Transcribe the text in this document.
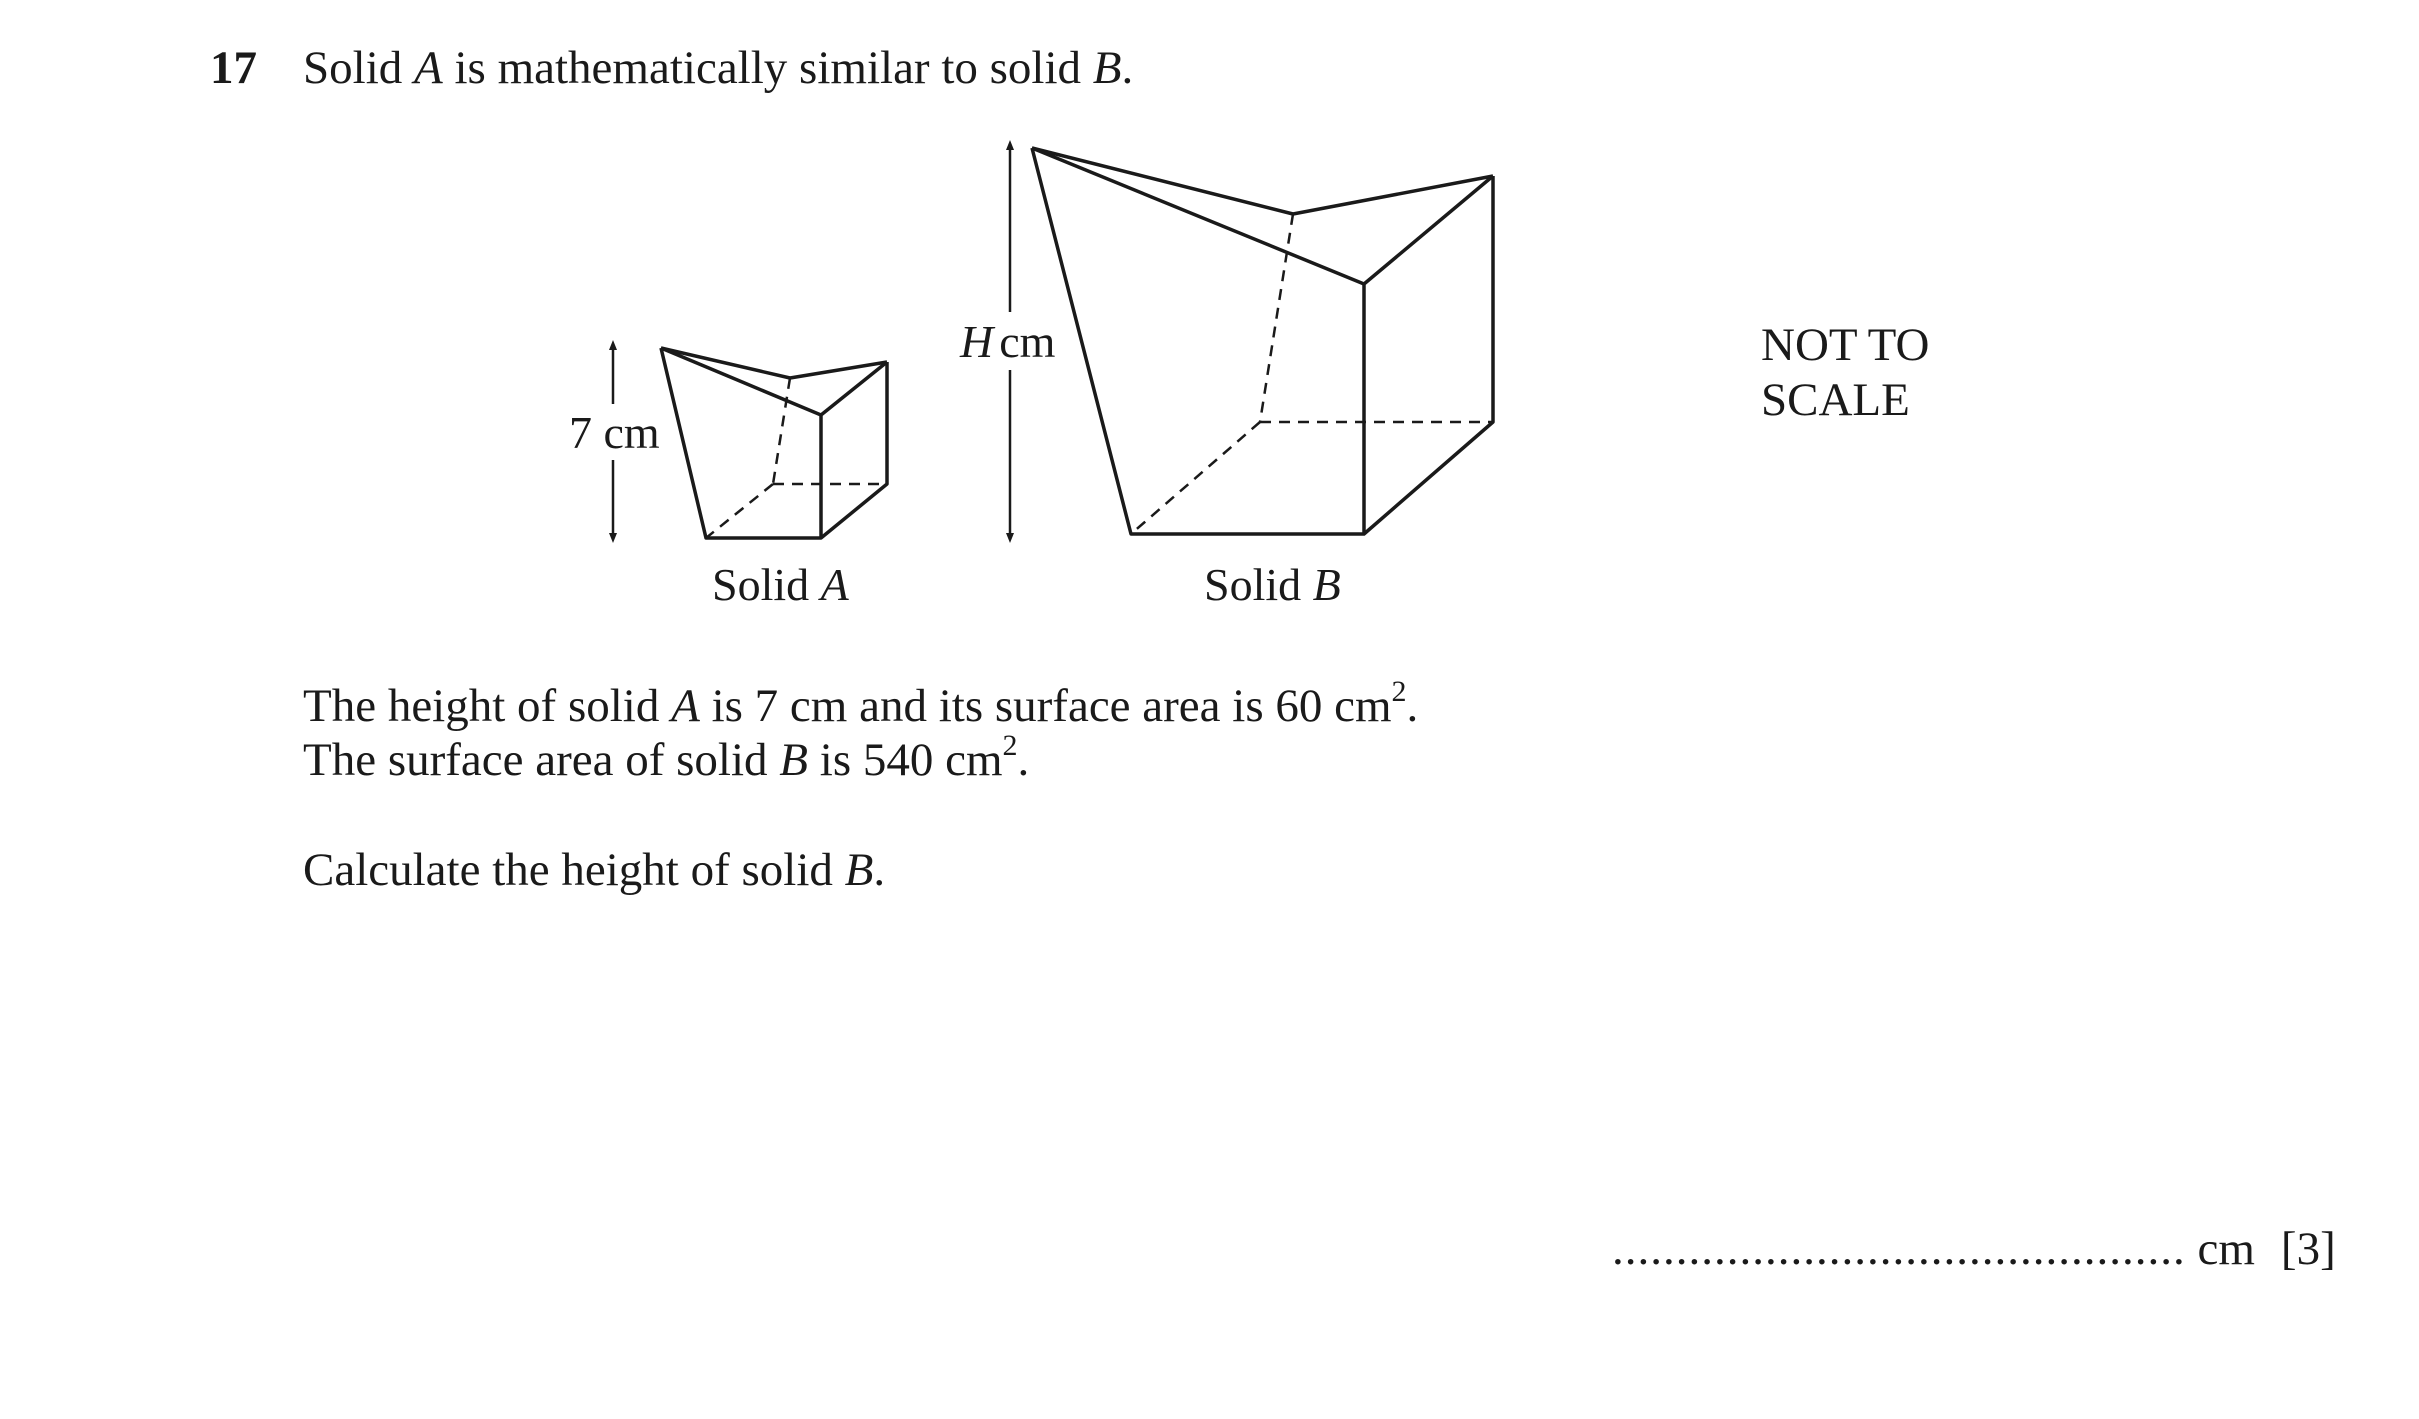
17 Solid A is mathematically similar to solid B.
7 cm
Solid A
H cm
Solid B
NOT TO
SCALE
The height of solid A is 7 cm and its surface area is 60 $cm^2$.
The surface area of solid B is 540 $cm^2$.
Calculate the height of solid B.
............................................. cm [3]
